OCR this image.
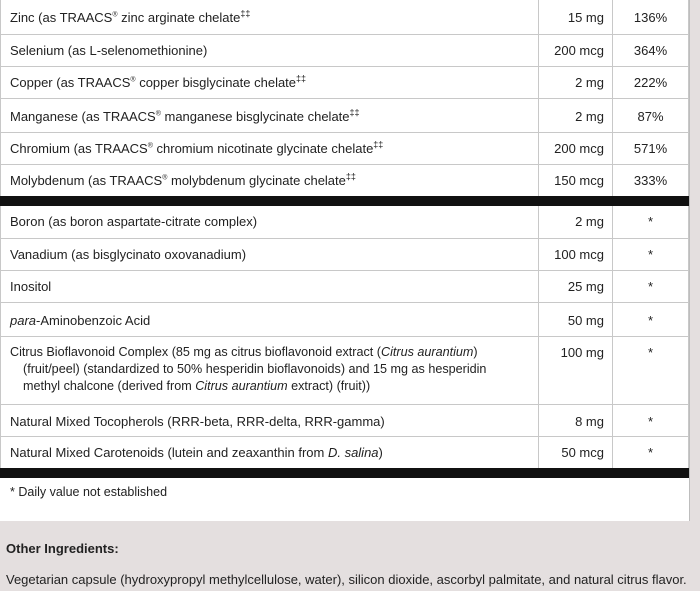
Zinc (as TRAACS® zinc arginate chelate‡‡	15 mg	136%
Selenium (as L-selenomethionine)	200 mcg	364%
Copper (as TRAACS® copper bisglycinate chelate‡‡	2 mg	222%
Manganese (as TRAACS® manganese bisglycinate chelate‡‡	2 mg	87%
Chromium (as TRAACS® chromium nicotinate glycinate chelate‡‡	200 mcg	571%
Molybdenum (as TRAACS® molybdenum glycinate chelate‡‡	150 mcg	333%
Boron (as boron aspartate-citrate complex)	2 mg	*
Vanadium (as bisglycinato oxovanadium)	100 mcg	*
Inositol	25 mg	*
para-Aminobenzoic Acid	50 mg	*
Citrus Bioflavonoid Complex (85 mg as citrus bioflavonoid extract (Citrus aurantium)
(fruit/peel) (standardized to 50% hesperidin bioflavonoids) and 15 mg as hesperidin
methyl chalcone (derived from Citrus aurantium extract) (fruit))
100 mg	*
Natural Mixed Tocopherols (RRR-beta, RRR-delta, RRR-gamma)	8 mg	*
Natural Mixed Carotenoids (lutein and zeaxanthin from D. salina)	50 mcg	*
* Daily value not established
Other Ingredients:
Vegetarian capsule (hydroxypropyl methylcellulose, water), silicon dioxide, ascorbyl palmitate, and natural citrus flavor.
